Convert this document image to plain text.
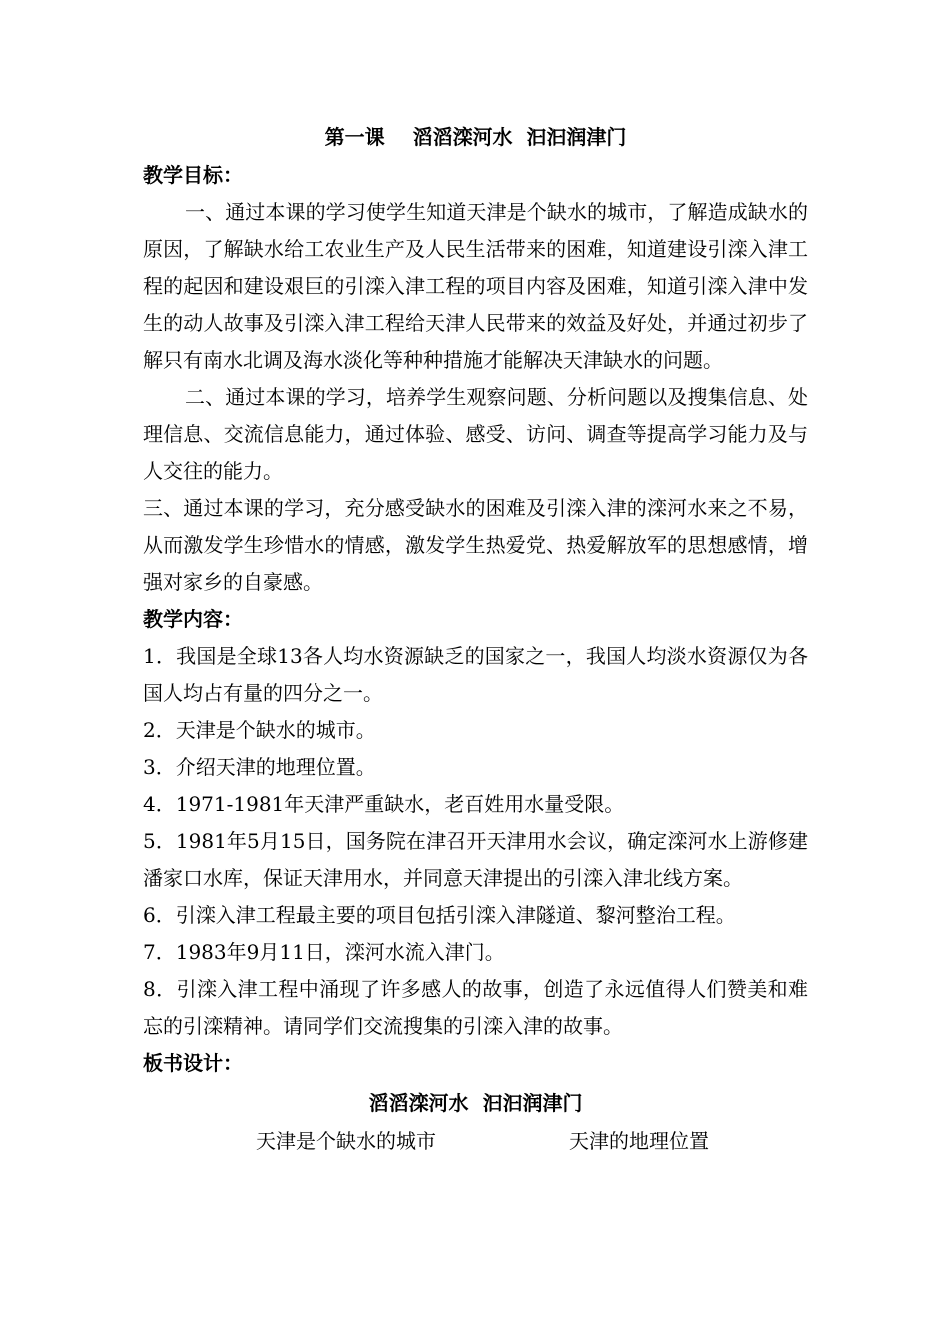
第一课    滔滔滦河水  汩汩润津门
教学目标：
一、通过本课的学习使学生知道天津是个缺水的城市，了解造成缺水的原因，了解缺水给工农业生产及人民生活带来的困难，知道建设引滦入津工程的起因和建设艰巨的引滦入津工程的项目内容及困难，知道引滦入津中发生的动人故事及引滦入津工程给天津人民带来的效益及好处，并通过初步了解只有南水北调及海水淡化等种种措施才能解决天津缺水的问题。
二、通过本课的学习，培养学生观察问题、分析问题以及搜集信息、处理信息、交流信息能力，通过体验、感受、访问、调查等提高学习能力及与人交往的能力。
三、通过本课的学习，充分感受缺水的困难及引滦入津的滦河水来之不易，从而激发学生珍惜水的情感，激发学生热爱党、热爱解放军的思想感情，增强对家乡的自豪感。
教学内容：
1．我国是全球13各人均水资源缺乏的国家之一，我国人均淡水资源仅为各国人均占有量的四分之一。
2．天津是个缺水的城市。
3．介绍天津的地理位置。
4．1971-1981年天津严重缺水，老百姓用水量受限。
5．1981年5月15日，国务院在津召开天津用水会议，确定滦河水上游修建潘家口水库，保证天津用水，并同意天津提出的引滦入津北线方案。
6．引滦入津工程最主要的项目包括引滦入津隧道、黎河整治工程。
7．1983年9月11日，滦河水流入津门。
8．引滦入津工程中涌现了许多感人的故事，创造了永远值得人们赞美和难忘的引滦精神。请同学们交流搜集的引滦入津的故事。
板书设计：
滔滔滦河水  汩汩润津门
天津是个缺水的城市	天津的地理位置
